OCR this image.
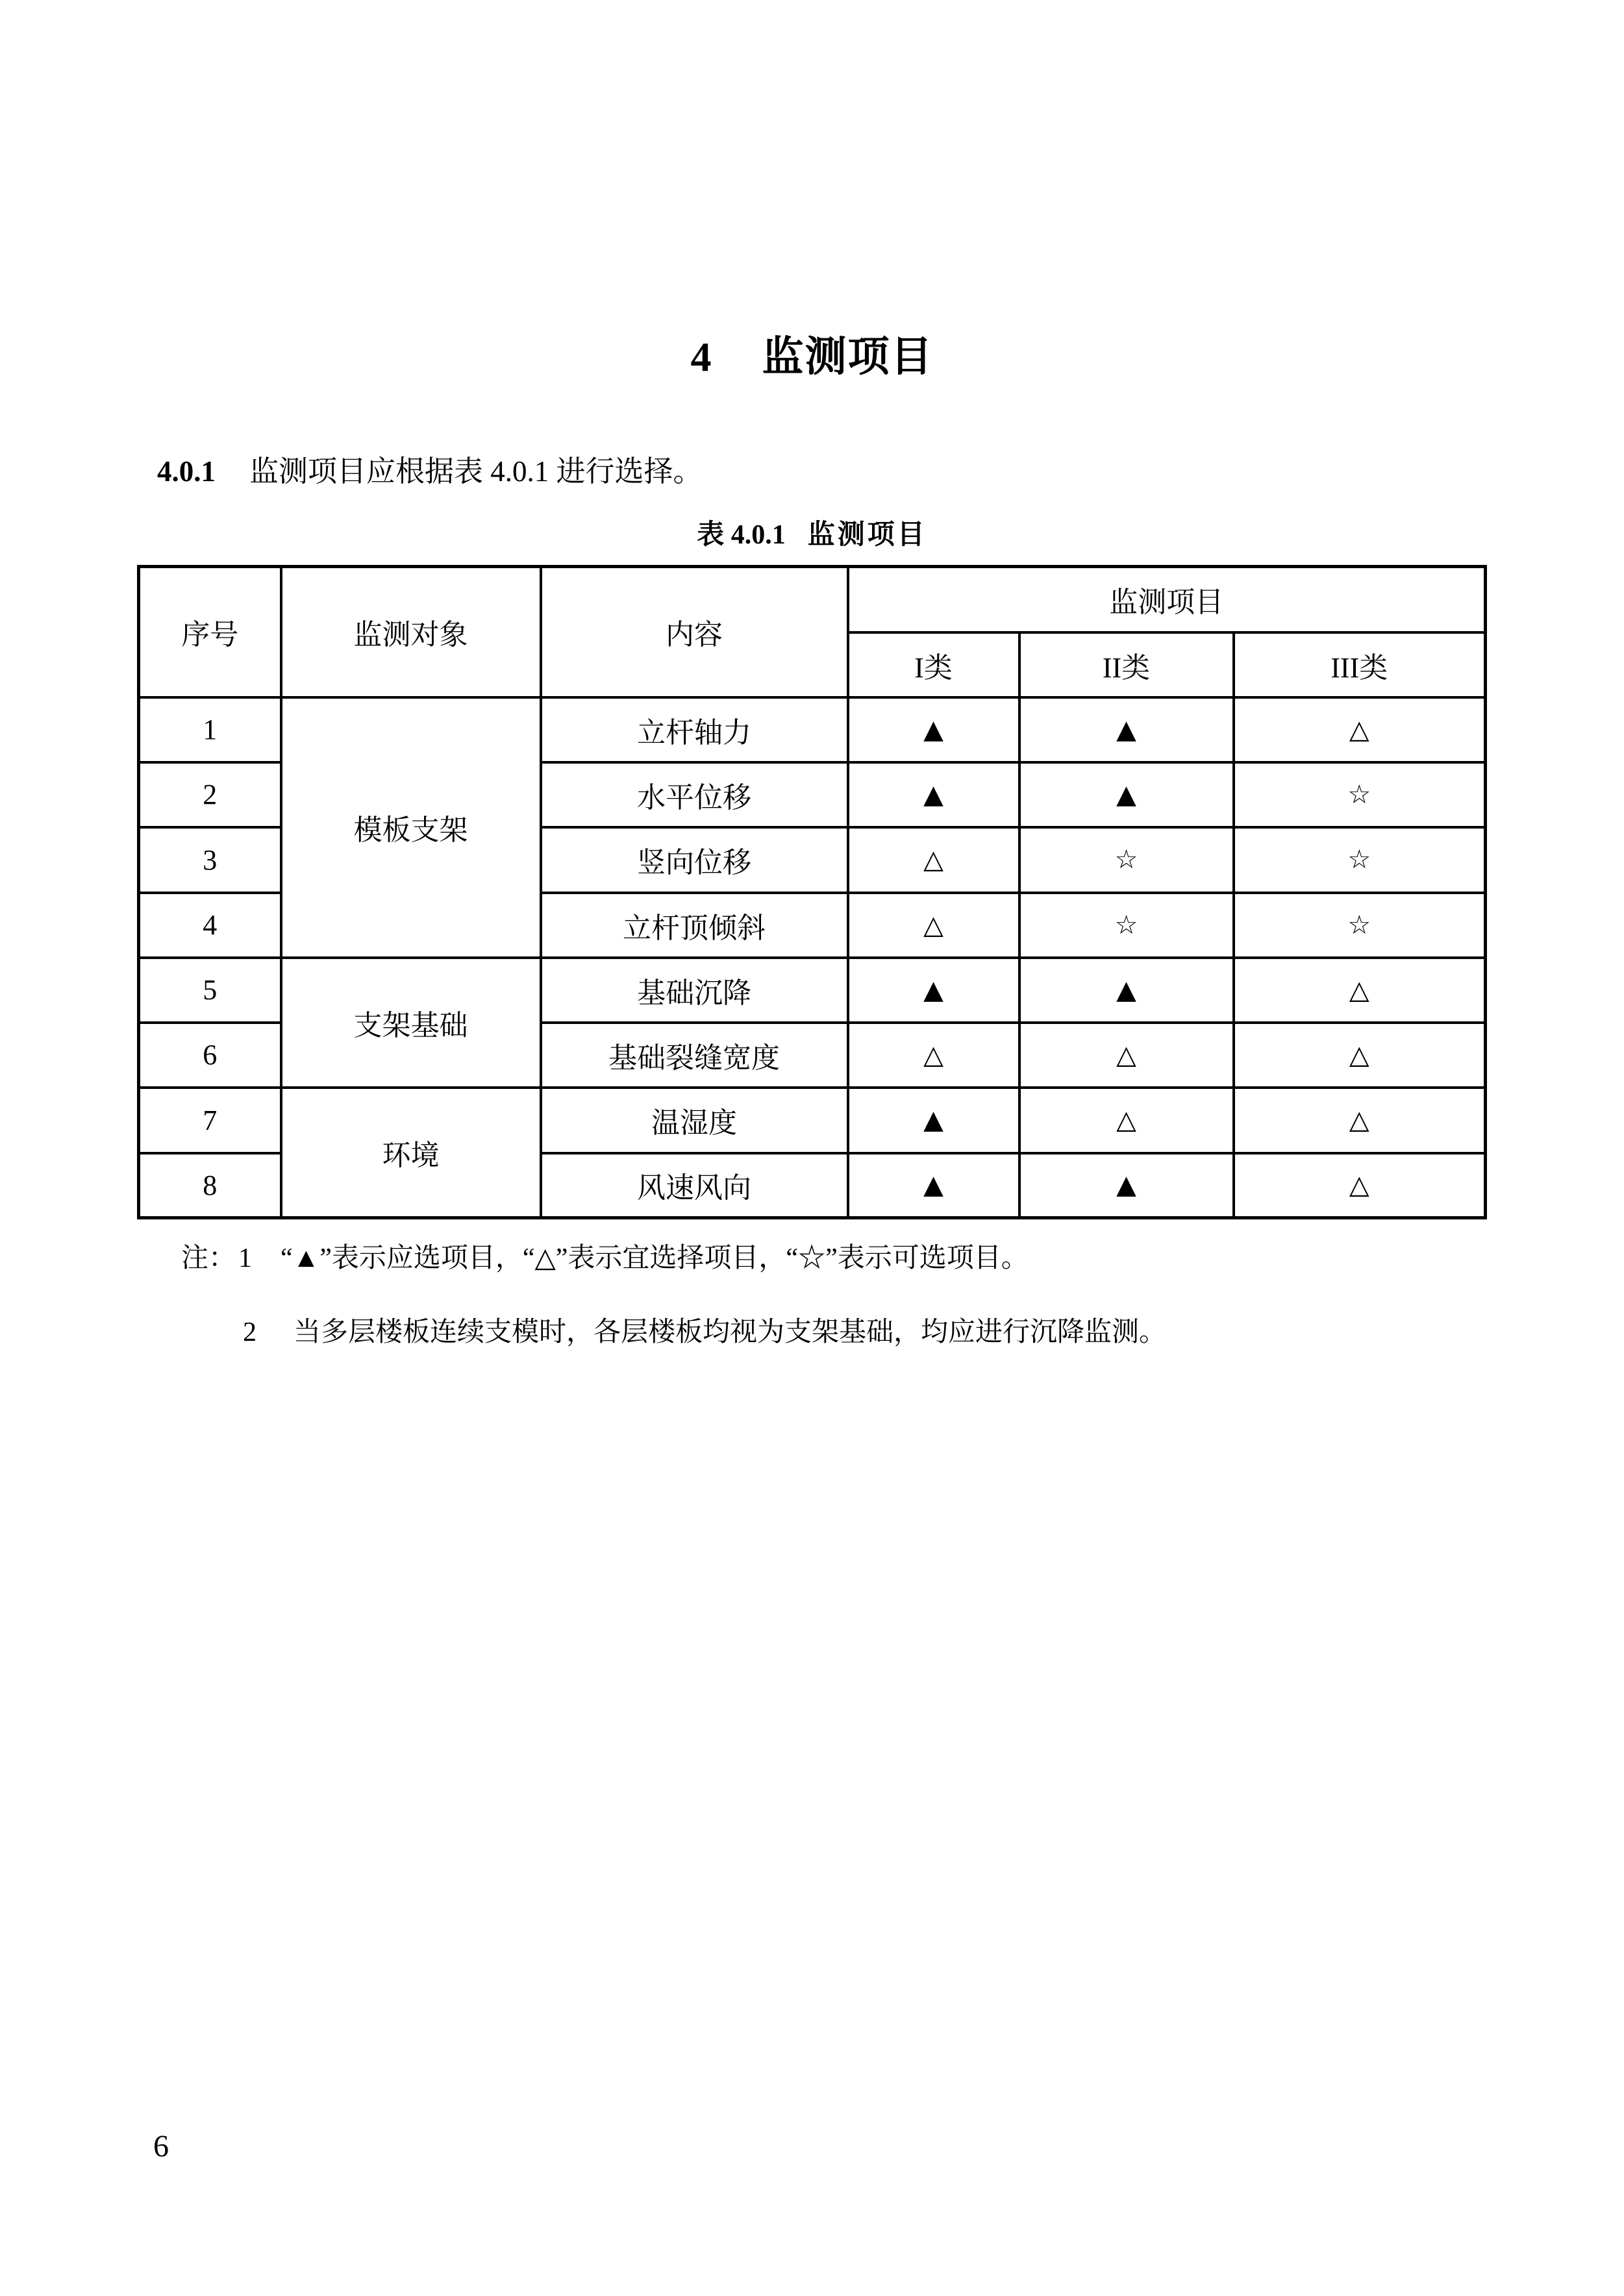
4 监测项目
4.0.1 监测项目应根据表 4.0.1 进行选择。
表 4.0.1 监测项目
序号	监测对象	内容	监测项目		
			I类	II类	III类
1	模板支架	立杆轴力	▲	▲	△
2		水平位移	▲	▲	☆
3		竖向位移	△	☆	☆
4		立杆顶倾斜	△	☆	☆
5	支架基础	基础沉降	▲	▲	△
6		基础裂缝宽度	△	△	△
7	环境	温湿度	▲	△	△
8		风速风向	▲	▲	△
注： 1	“▲”表示应选项目，“△”表示宜选择项目，“☆”表示可选项目。
2	当多层楼板连续支模时，各层楼板均视为支架基础，均应进行沉降监测。
6
